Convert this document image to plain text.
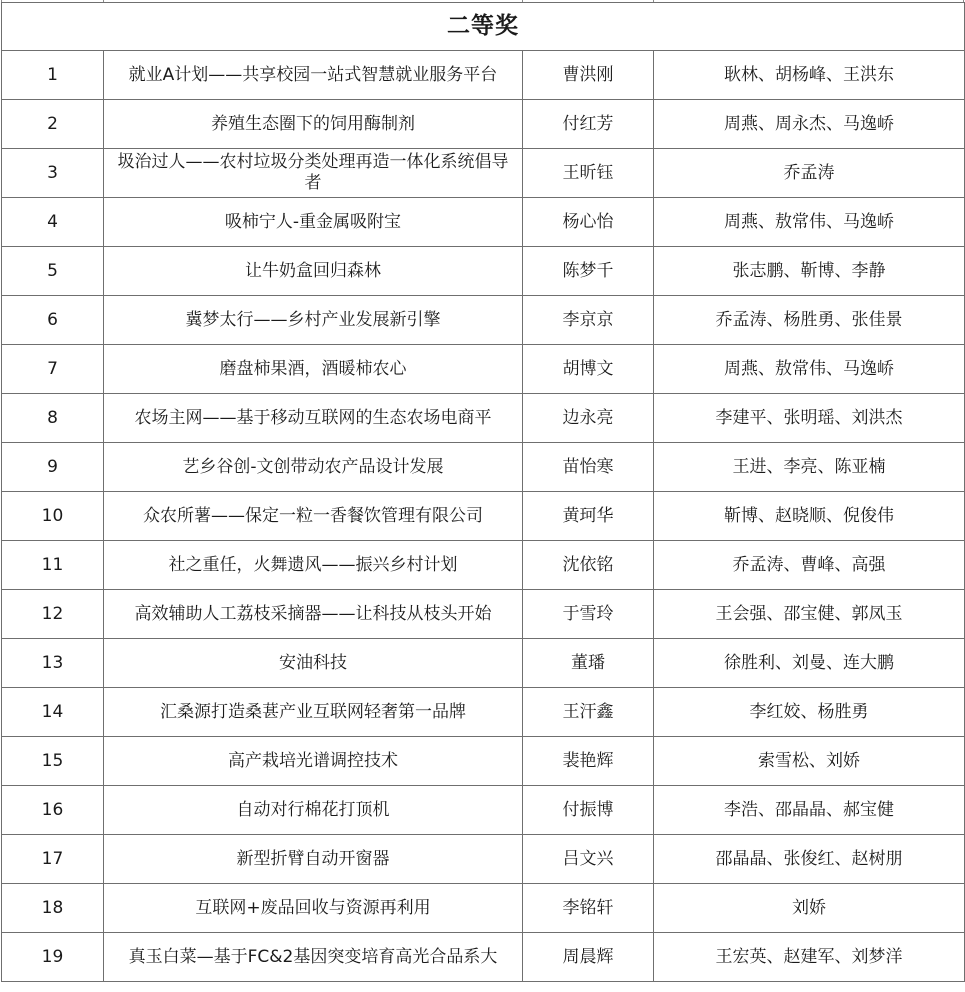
二等奖			
1	就业A计划——共享校园一站式智慧就业服务平台	曹洪刚	耿林、胡杨峰、王洪东
2	养殖生态圈下的饲用酶制剂	付红芳	周燕、周永杰、马逸峤
3	圾治过人——农村垃圾分类处理再造一体化系统倡导者	王昕钰	乔孟涛
4	吸柿宁人-重金属吸附宝	杨心怡	周燕、敖常伟、马逸峤
5	让牛奶盒回归森林	陈梦千	张志鹏、靳博、李静
6	冀梦太行——乡村产业发展新引擎	李京京	乔孟涛、杨胜勇、张佳景
7	磨盘柿果酒，酒暖柿农心	胡博文	周燕、敖常伟、马逸峤
8	农场主网——基于移动互联网的生态农场电商平	边永亮	李建平、张明瑶、刘洪杰
9	艺乡谷创-文创带动农产品设计发展	苗怡寒	王进、李亮、陈亚楠
10	众农所薯——保定一粒一香餐饮管理有限公司	黄珂华	靳博、赵晓顺、倪俊伟
11	社之重任，火舞遗风——振兴乡村计划	沈依铭	乔孟涛、曹峰、高强
12	高效辅助人工荔枝采摘器——让科技从枝头开始	于雪玲	王会强、邵宝健、郭凤玉
13	安油科技	董璠	徐胜利、刘曼、连大鹏
14	汇桑源打造桑葚产业互联网轻奢第一品牌	王汗鑫	李红姣、杨胜勇
15	高产栽培光谱调控技术	裴艳辉	索雪松、刘娇
16	自动对行棉花打顶机	付振博	李浩、邵晶晶、郝宝健
17	新型折臂自动开窗器	吕文兴	邵晶晶、张俊红、赵树朋
18	互联网+废品回收与资源再利用	李铭轩	刘娇
19	真玉白菜—基于FC&2基因突变培育高光合品系大	周晨辉	王宏英、赵建军、刘梦洋
